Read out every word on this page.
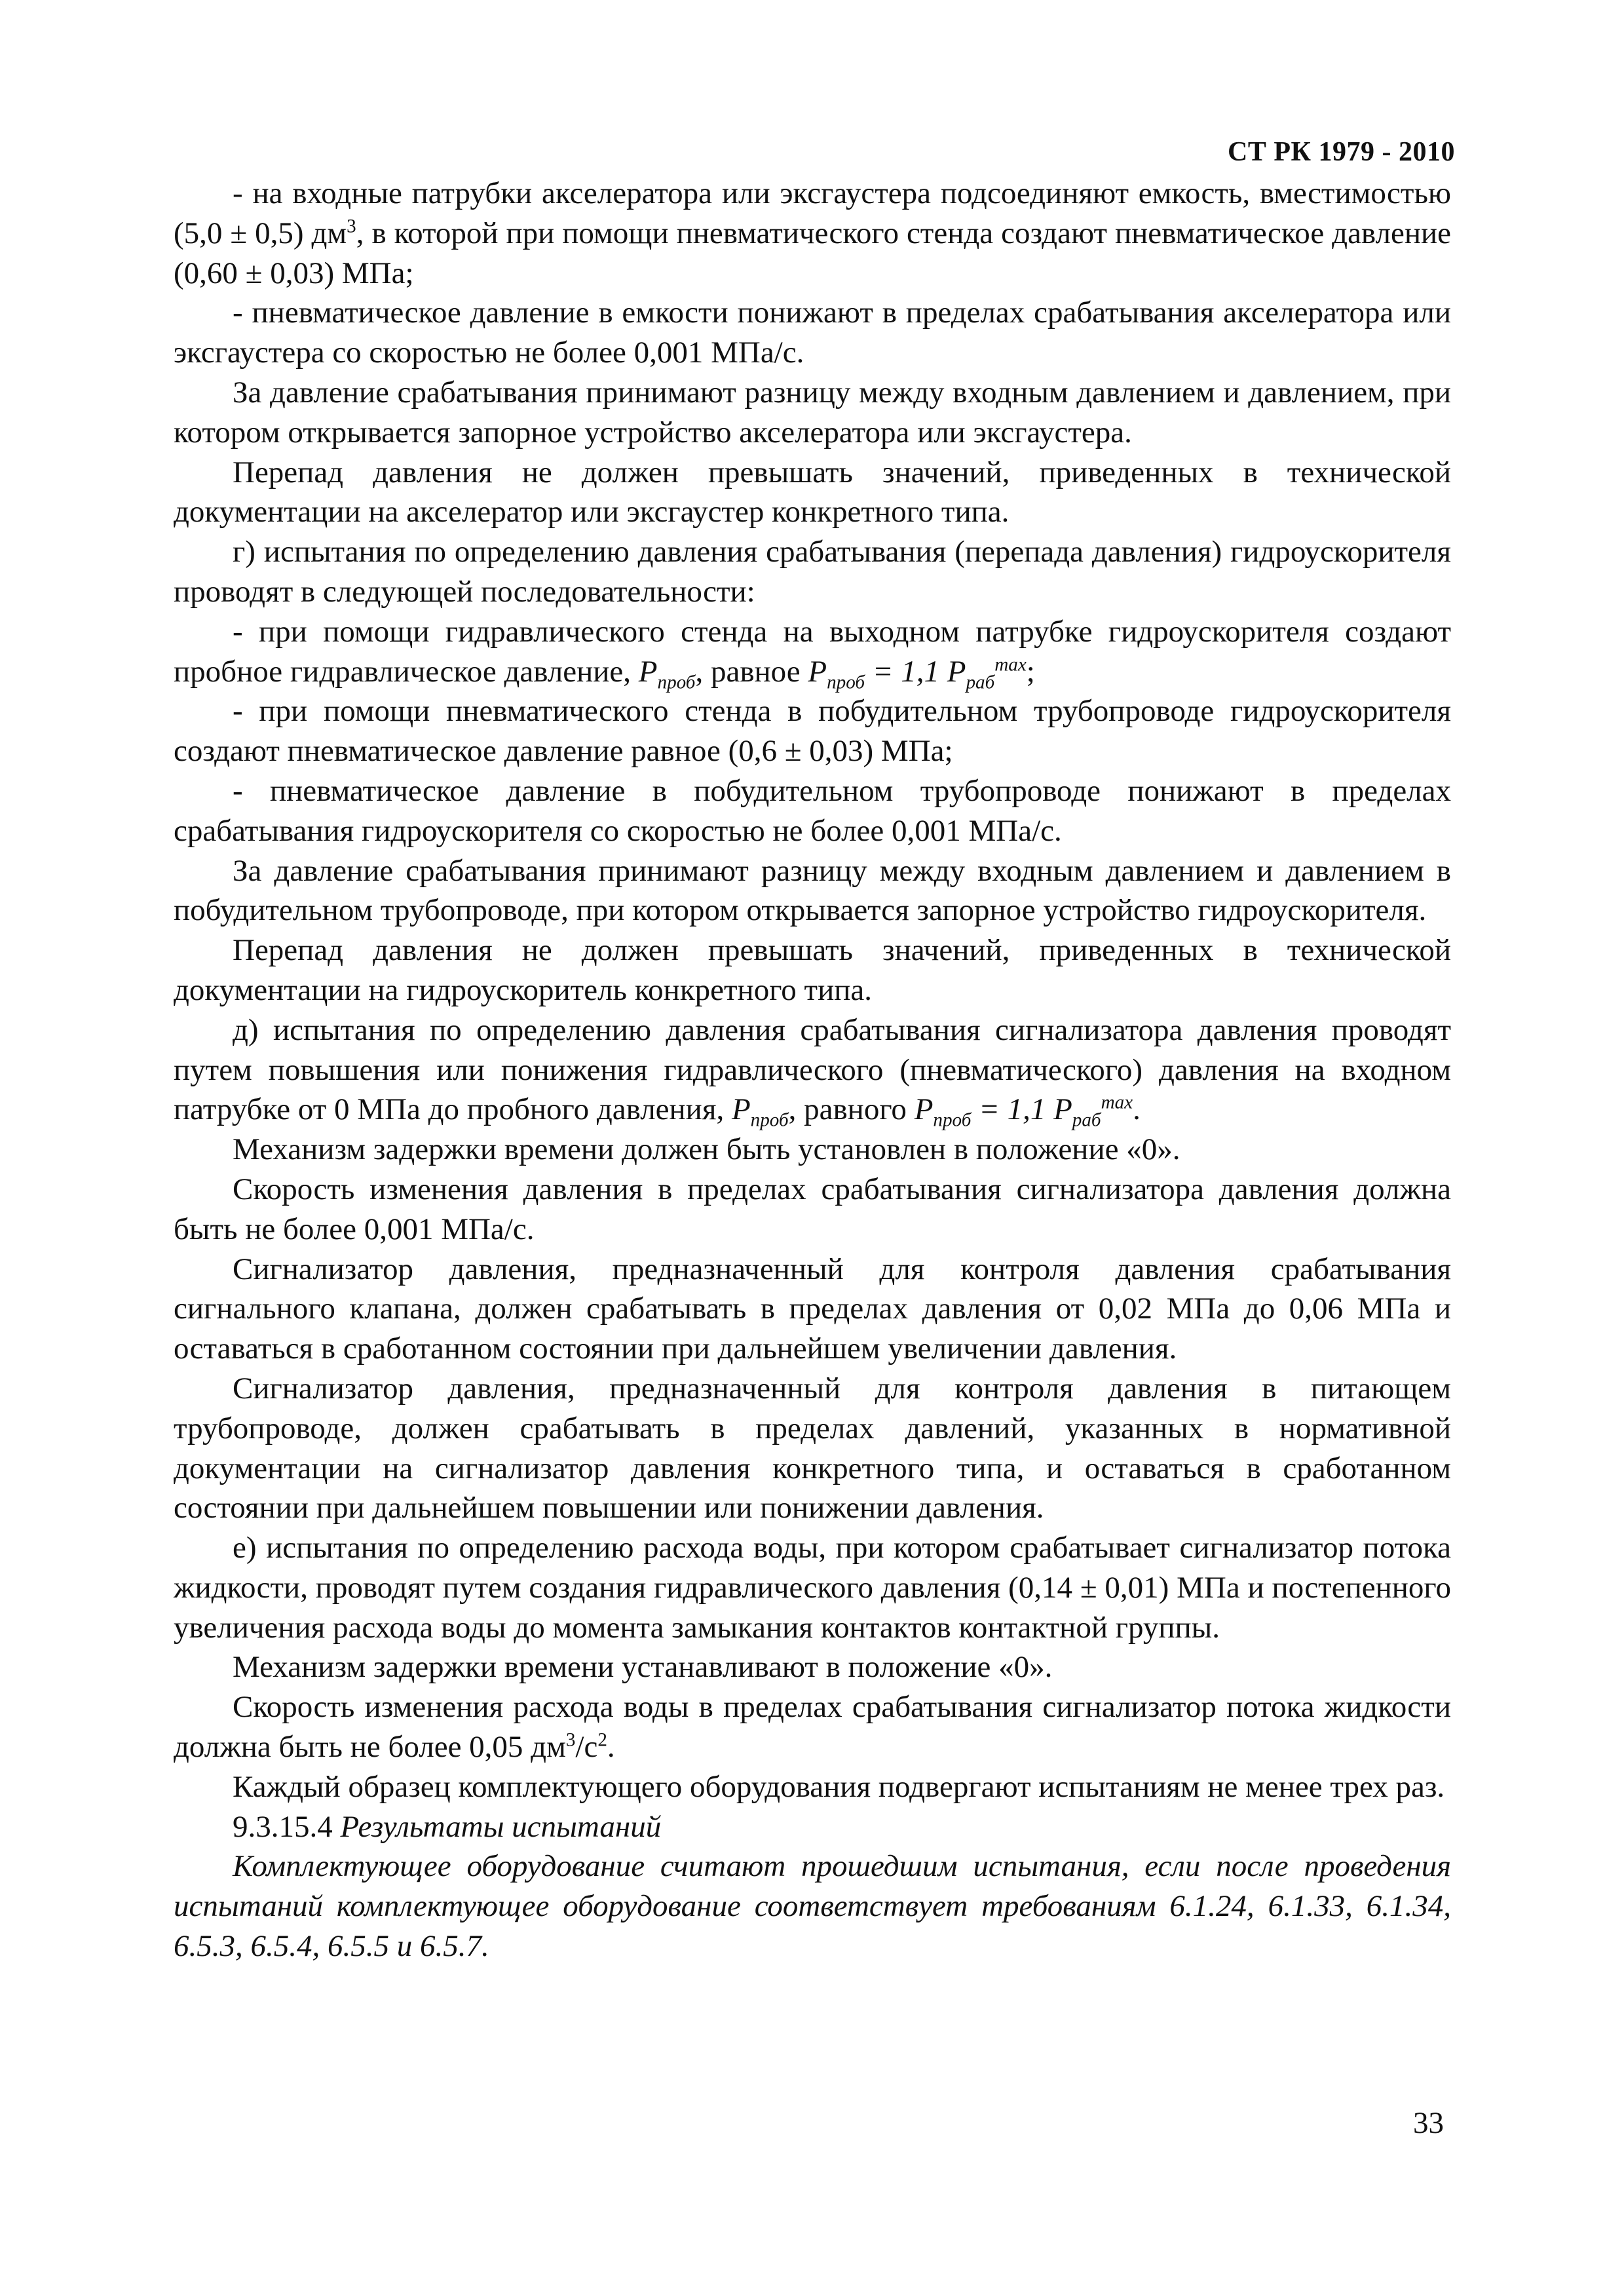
СТ РК 1979 - 2010

- на входные патрубки акселератора или эксгаустера подсоединяют емкость, вместимостью (5,0 ± 0,5) $дм^3$, в которой при помощи пневматического стенда создают пневматическое давление (0,60 ± 0,03) МПа;

- пневматическое давление в емкости понижают в пределах срабатывания акселератора или эксгаустера со скоростью не более 0,001 МПа/с.

За давление срабатывания принимают разницу между входным давлением и давлением, при котором открывается запорное устройство акселератора или эксгаустера.

Перепад давления не должен превышать значений, приведенных в технической документации на акселератор или эксгаустер конкретного типа.

г) испытания по определению давления срабатывания (перепада давления) гидроускорителя проводят в следующей последовательности:

- при помощи гидравлического стенда на выходном патрубке гидроускорителя создают пробное гидравлическое давление, $P_{проб}$, равное $P_{проб} = 1,1$ $P_{раб}^{max}$;

- при помощи пневматического стенда в побудительном трубопроводе гидроускорителя создают пневматическое давление равное (0,6 ± 0,03) МПа;

- пневматическое давление в побудительном трубопроводе понижают в пределах срабатывания гидроускорителя со скоростью не более 0,001 МПа/с.

За давление срабатывания принимают разницу между входным давлением и давлением в побудительном трубопроводе, при котором открывается запорное устройство гидроускорителя.

Перепад давления не должен превышать значений, приведенных в технической документации на гидроускоритель конкретного типа.

д) испытания по определению давления срабатывания сигнализатора давления проводят путем повышения или понижения гидравлического (пневматического) давления на входном патрубке от 0 МПа до пробного давления, $P_{проб}$, равного $P_{проб} = 1,1$ $P_{раб}^{max}$.

Механизм задержки времени должен быть установлен в положение «0».

Скорость изменения давления в пределах срабатывания сигнализатора давления должна быть не более 0,001 МПа/с.

Сигнализатор давления, предназначенный для контроля давления срабатывания сигнального клапана, должен срабатывать в пределах давления от 0,02 МПа до 0,06 МПа и оставаться в сработанном состоянии при дальнейшем увеличении давления.

Сигнализатор давления, предназначенный для контроля давления в питающем трубопроводе, должен срабатывать в пределах давлений, указанных в нормативной документации на сигнализатор давления конкретного типа, и оставаться в сработанном состоянии при дальнейшем повышении или понижении давления.

е) испытания по определению расхода воды, при котором срабатывает сигнализатор потока жидкости, проводят путем создания гидравлического давления (0,14 ± 0,01) МПа и постепенного увеличения расхода воды до момента замыкания контактов контактной группы.

Механизм задержки времени устанавливают в положение «0».

Скорость изменения расхода воды в пределах срабатывания сигнализатор потока жидкости должна быть не более 0,05 $дм^3/с^2$.

Каждый образец комплектующего оборудования подвергают испытаниям не менее трех раз.

9.3.15.4 Результаты испытаний

Комплектующее оборудование считают прошедшим испытания, если после проведения испытаний комплектующее оборудование соответствует требованиям 6.1.24, 6.1.33, 6.1.34, 6.5.3, 6.5.4, 6.5.5 и 6.5.7.

33
